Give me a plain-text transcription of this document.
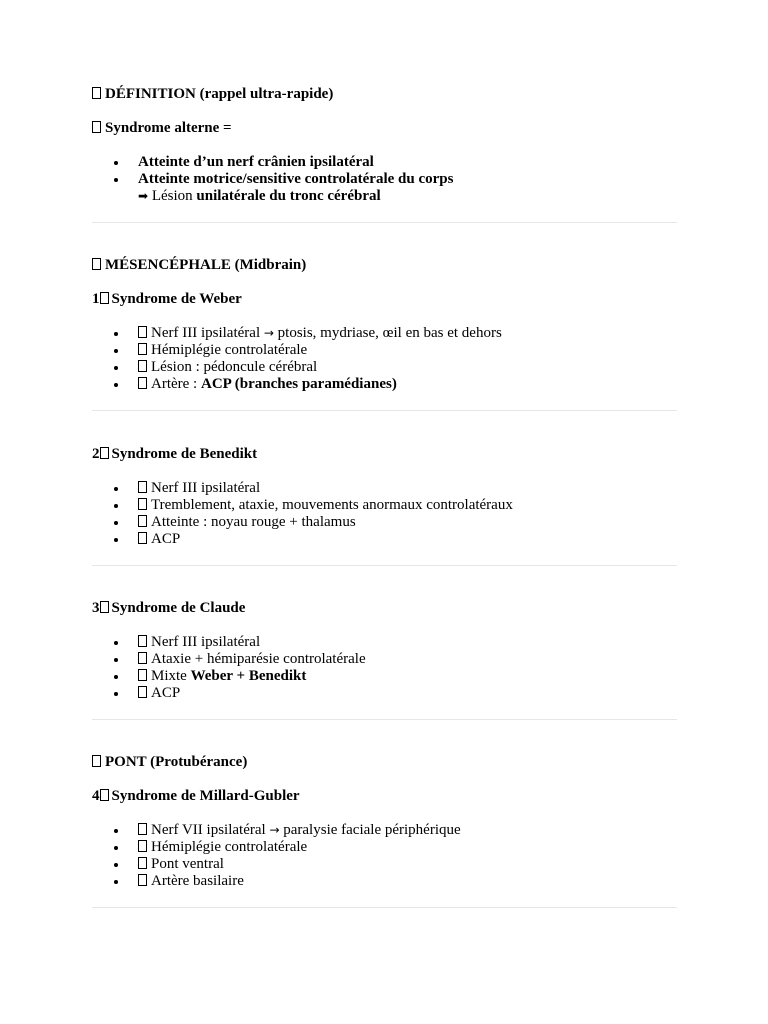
DÉFINITION (rappel ultra-rapide)
Syndrome alterne =
Atteinte d’un nerf crânien ipsilatéral
Atteinte motrice/sensitive controlatérale du corps
➡ Lésion unilatérale du tronc cérébral
MÉSENCÉPHALE (Midbrain)
1 Syndrome de Weber
Nerf III ipsilatéral → ptosis, mydriase, œil en bas et dehors
Hémiplégie controlatérale
Lésion : pédoncule cérébral
Artère : ACP (branches paramédianes)
2 Syndrome de Benedikt
Nerf III ipsilatéral
Tremblement, ataxie, mouvements anormaux controlatéraux
Atteinte : noyau rouge + thalamus
ACP
3 Syndrome de Claude
Nerf III ipsilatéral
Ataxie + hémiparésie controlatérale
Mixte Weber + Benedikt
ACP
PONT (Protubérance)
4 Syndrome de Millard-Gubler
Nerf VII ipsilatéral → paralysie faciale périphérique
Hémiplégie controlatérale
Pont ventral
Artère basilaire
